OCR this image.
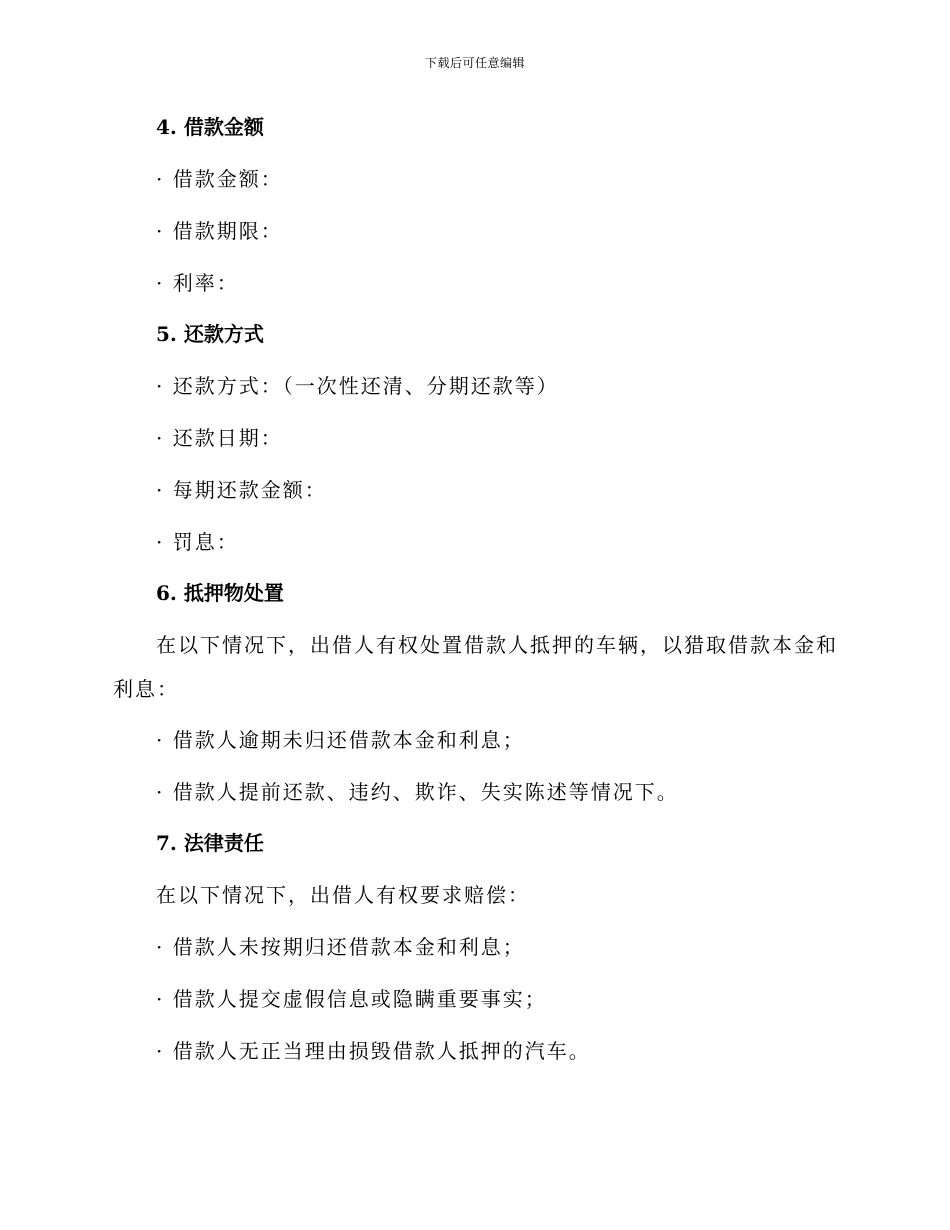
下载后可任意编辑
4. 借款金额
· 借款金额：
· 借款期限：
· 利率：
5. 还款方式
· 还款方式：（一次性还清、分期还款等）
· 还款日期：
· 每期还款金额：
· 罚息：
6. 抵押物处置
在以下情况下，出借人有权处置借款人抵押的车辆，以猎取借款本金和
利息：
· 借款人逾期未归还借款本金和利息；
· 借款人提前还款、违约、欺诈、失实陈述等情况下。
7. 法律责任
在以下情况下，出借人有权要求赔偿：
· 借款人未按期归还借款本金和利息；
· 借款人提交虚假信息或隐瞒重要事实；
· 借款人无正当理由损毁借款人抵押的汽车。
